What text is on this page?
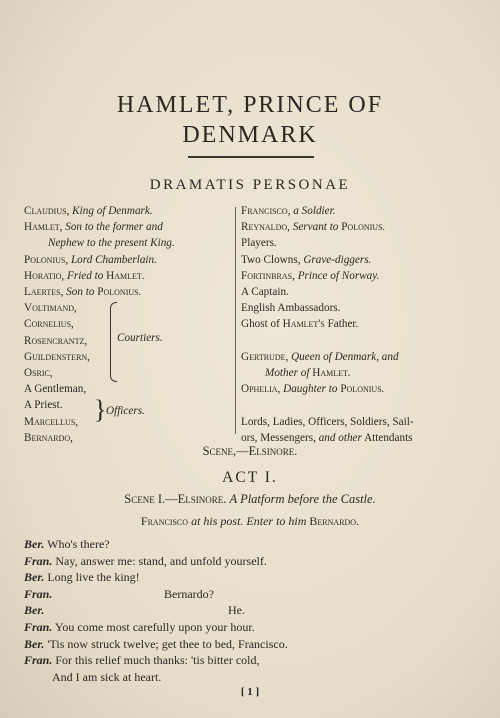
HAMLET, PRINCE OF
DENMARK
DRAMATIS PERSONAE
Claudius, King of Denmark.
Hamlet, Son to the former and
Nephew to the present King.
Polonius, Lord Chamberlain.
Horatio, Fried to Hamlet.
Laertes, Son to Polonius.
Voltimand,
Cornelius,
Rosencrantz,
Guildenstern,
Osric,
A Gentleman,
A Priest.
Marcellus,
Bernardo,
Francisco, a Soldier.
Reynaldo, Servant to Polonius.
Players.
Two Clowns, Grave-diggers.
Fortinbras, Prince of Norway.
A Captain.
English Ambassadors.
Ghost of Hamlet's Father.

Gertrude, Queen of Denmark, and
Mother of Hamlet.
Ophelia, Daughter to Polonius.

Lords, Ladies, Officers, Soldiers, Sail-
ors, Messengers, and other Attendants
Courtiers.
} Officers.
Scene,—Elsinore.
ACT I.
Scene I.—Elsinore. A Platform before the Castle.
Francisco at his post. Enter to him Bernardo.
Ber. Who's there?
Fran. Nay, answer me: stand, and unfold yourself.
Ber. Long live the king!
Fran.	Bernardo?
Ber.	He.
Fran. You come most carefully upon your hour.
Ber. 'Tis now struck twelve; get thee to bed, Francisco.
Fran. For this relief much thanks: 'tis bitter cold,
And I am sick at heart.
[ 1 ]
